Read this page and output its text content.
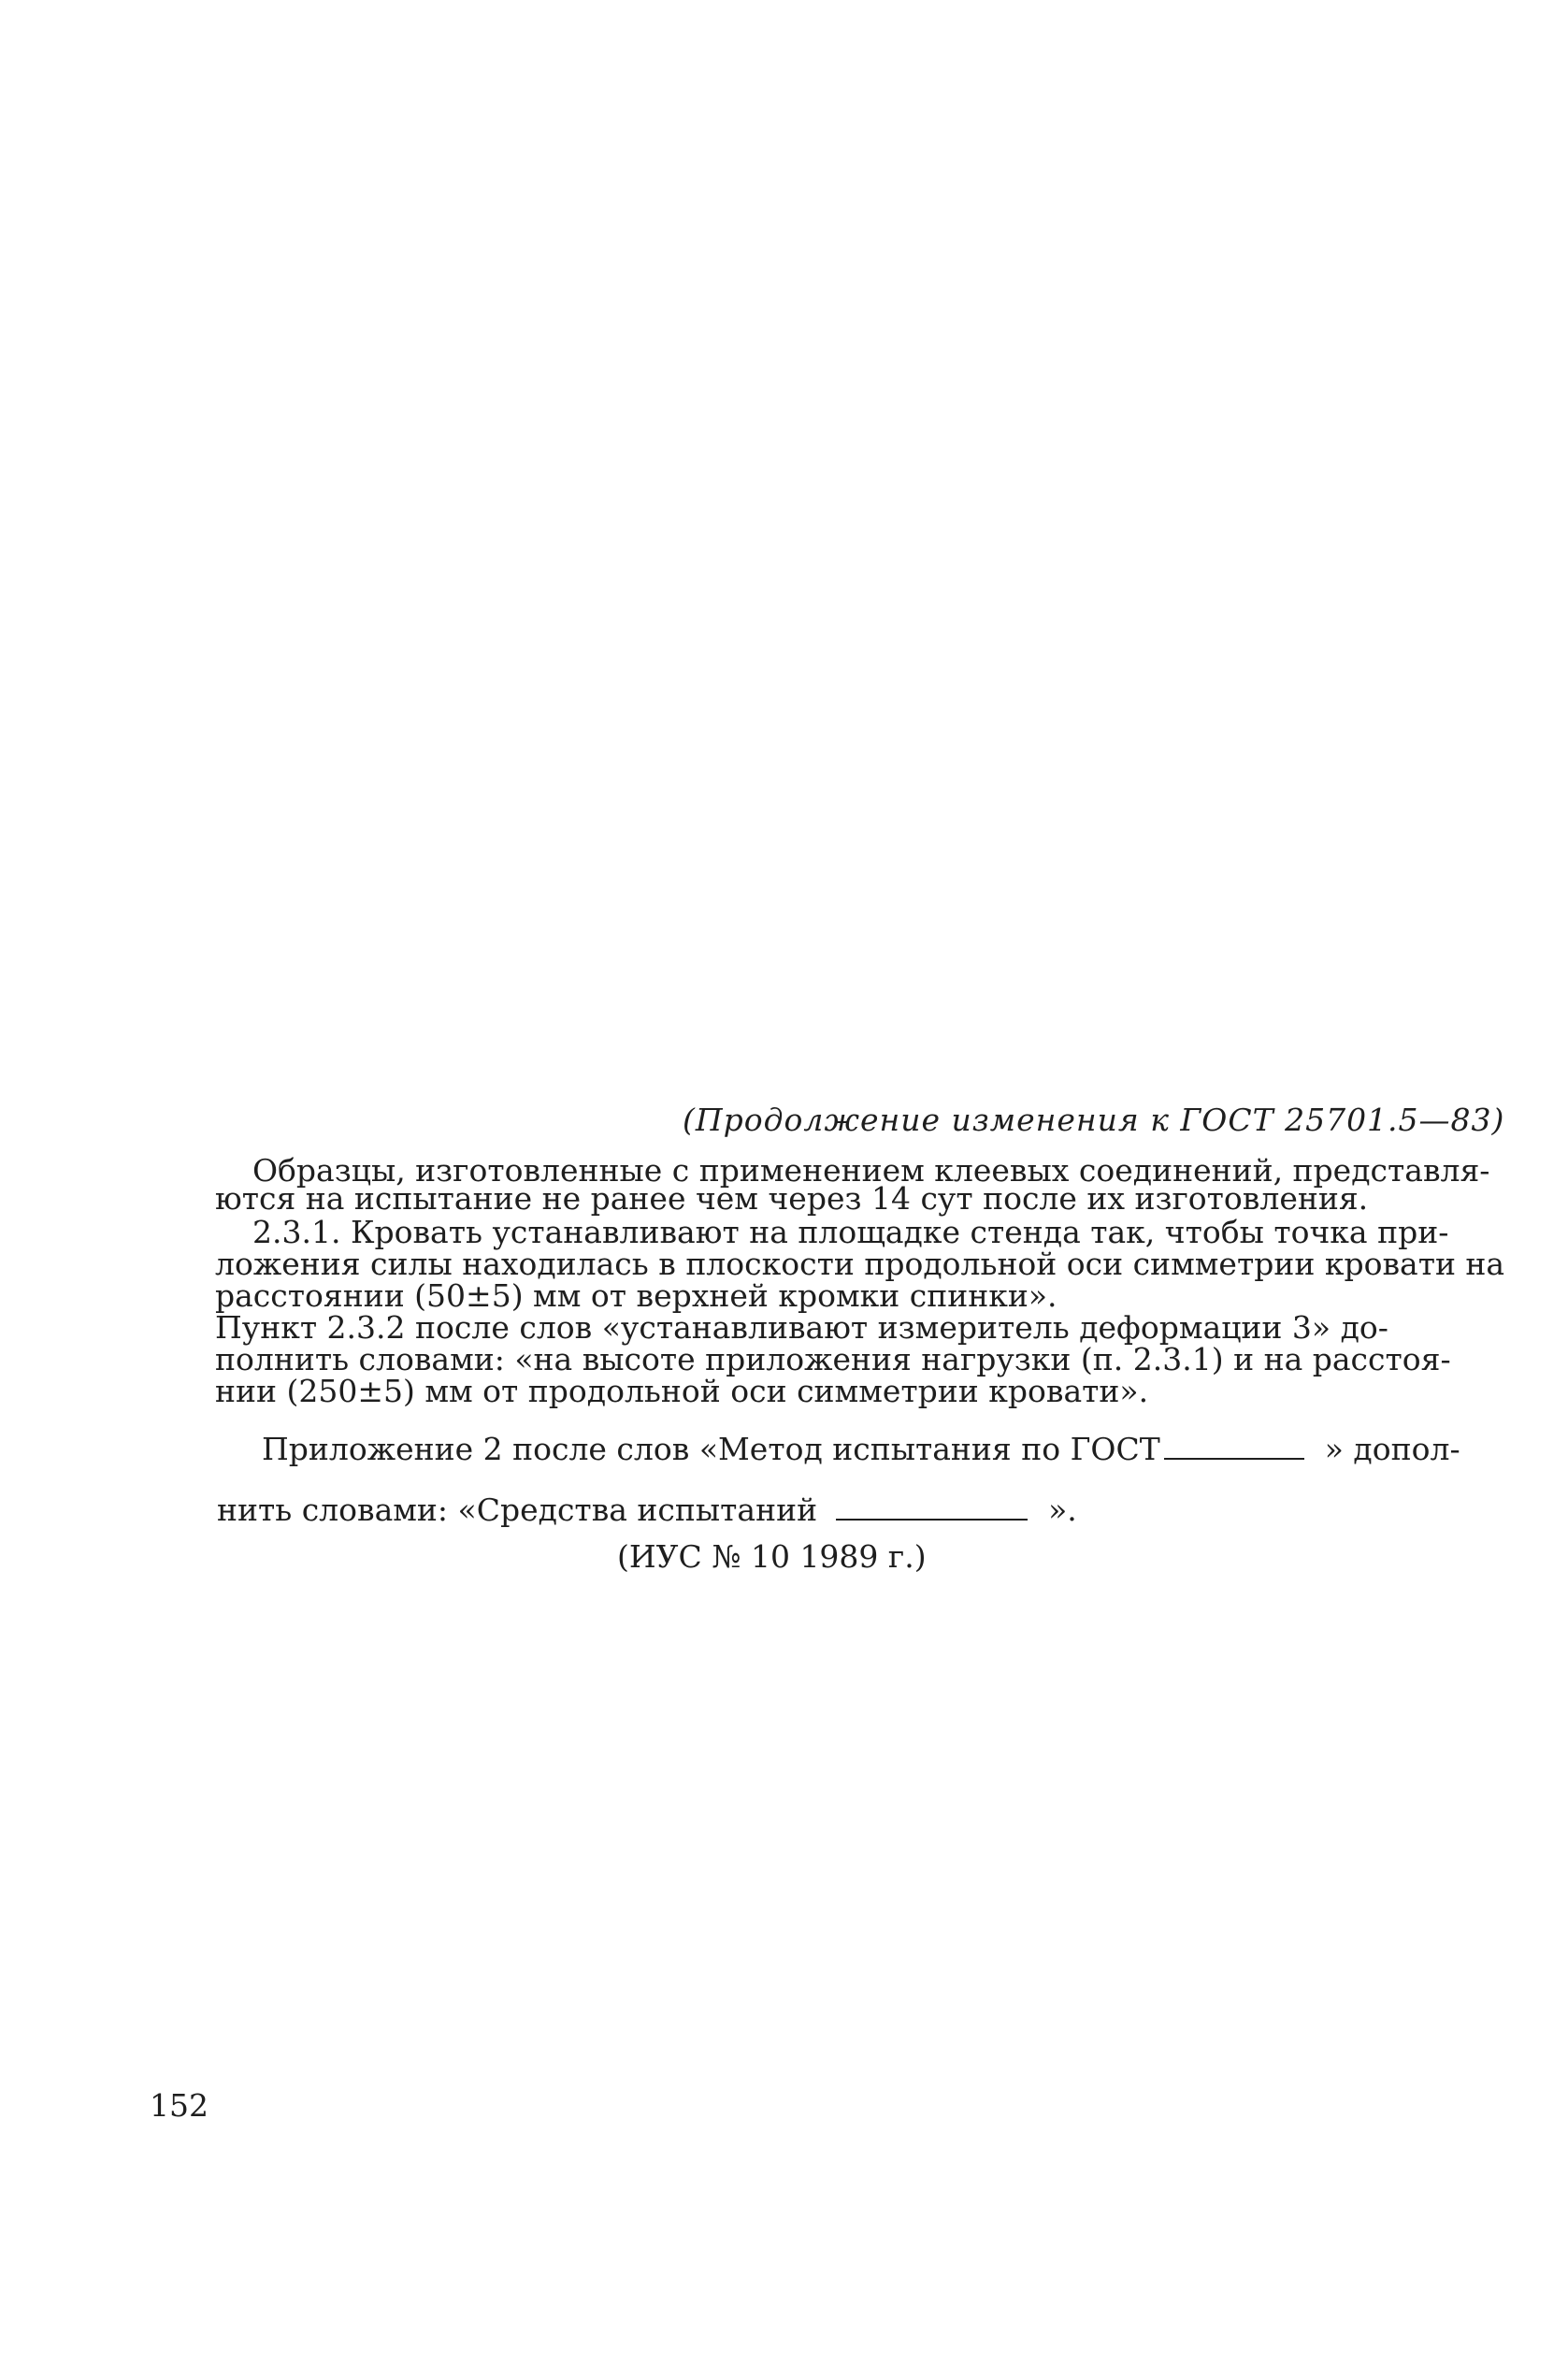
(Продолжение изменения к ГОСТ 25701.5—83)
Образцы, изготовленные с применением клеевых соединений, представля-
ются на испытание не ранее чем через 14 сут после их изготовления.
2.3.1. Кровать устанавливают на площадке стенда так, чтобы точка при-
ложения силы находилась в плоскости продольной оси симметрии кровати на
расстоянии (50±5) мм от верхней кромки спинки».
Пункт 2.3.2 после слов «устанавливают измеритель деформации 3» до-
полнить словами: «на высоте приложения нагрузки (п. 2.3.1) и на расстоя-
нии (250±5) мм от продольной оси симметрии кровати».
Приложение 2 после слов «Метод испытания по ГОСТ	» допол-
нить словами: «Средства испытаний	».
(ИУС № 10 1989 г.)
152
